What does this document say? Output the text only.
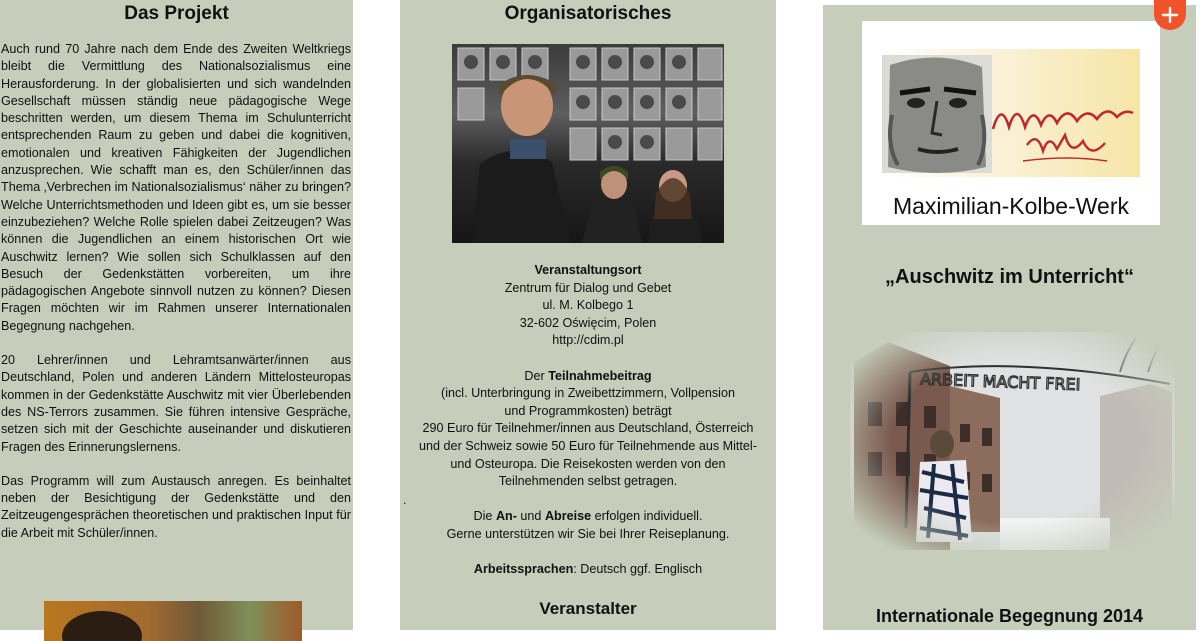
Das Projekt

Auch rund 70 Jahre nach dem Ende des Zweiten Weltkriegs bleibt die Vermittlung des Nationalsozialismus eine Herausforderung. In der globalisierten und sich wandelnden Gesellschaft müssen ständig neue pädagogische Wege beschritten werden, um diesem Thema im Schulunterricht entsprechenden Raum zu geben und dabei die kognitiven, emotionalen und kreativen Fähigkeiten der Jugendlichen anzusprechen. Wie schafft man es, den Schüler/innen das Thema ‚Verbrechen im Nationalsozialismus‘ näher zu bringen? Welche Unterrichtsmethoden und Ideen gibt es, um sie besser einzubeziehen? Welche Rolle spielen dabei Zeitzeugen? Was können die Jugendlichen an einem historischen Ort wie Auschwitz lernen? Wie sollen sich Schulklassen auf den Besuch der Gedenkstätten vorbereiten, um ihre pädagogischen Angebote sinnvoll nutzen zu können? Diesen Fragen möchten wir im Rahmen unserer Internationalen Begegnung nachgehen.

20 Lehrer/innen und Lehramtsanwärter/innen aus Deutschland, Polen und anderen Ländern Mittelosteuropas kommen in der Gedenkstätte Auschwitz mit vier Überlebenden des NS-Terrors zusammen. Sie führen intensive Gespräche, setzen sich mit der Geschichte auseinander und diskutieren Fragen des Erinnerungslernens.

Das Programm will zum Austausch anregen. Es beinhaltet neben der Besichtigung der Gedenkstätte und den Zeitzeugengesprächen theoretischen und praktischen Input für die Arbeit mit Schüler/innen.

Organisatorisches

Veranstaltungsort
Zentrum für Dialog und Gebet
ul. M. Kolbego 1
32-602 Oświęcim, Polen
http://cdim.pl

Der Teilnahmebeitrag
(incl. Unterbringung in Zweibettzimmern, Vollpension
und Programmkosten) beträgt
290 Euro für Teilnehmer/innen aus Deutschland, Österreich
und der Schweiz sowie 50 Euro für Teilnehmende aus Mittel-
und Osteuropa. Die Reisekosten werden von den
Teilnehmenden selbst getragen.

Die An- und Abreise erfolgen individuell.
Gerne unterstützen wir Sie bei Ihrer Reiseplanung.

Arbeitssprachen: Deutsch ggf. Englisch

.
Veranstalter
Maximilian-Kolbe-Werk
„Auschwitz im Unterricht“
Internationale Begegnung 2014
